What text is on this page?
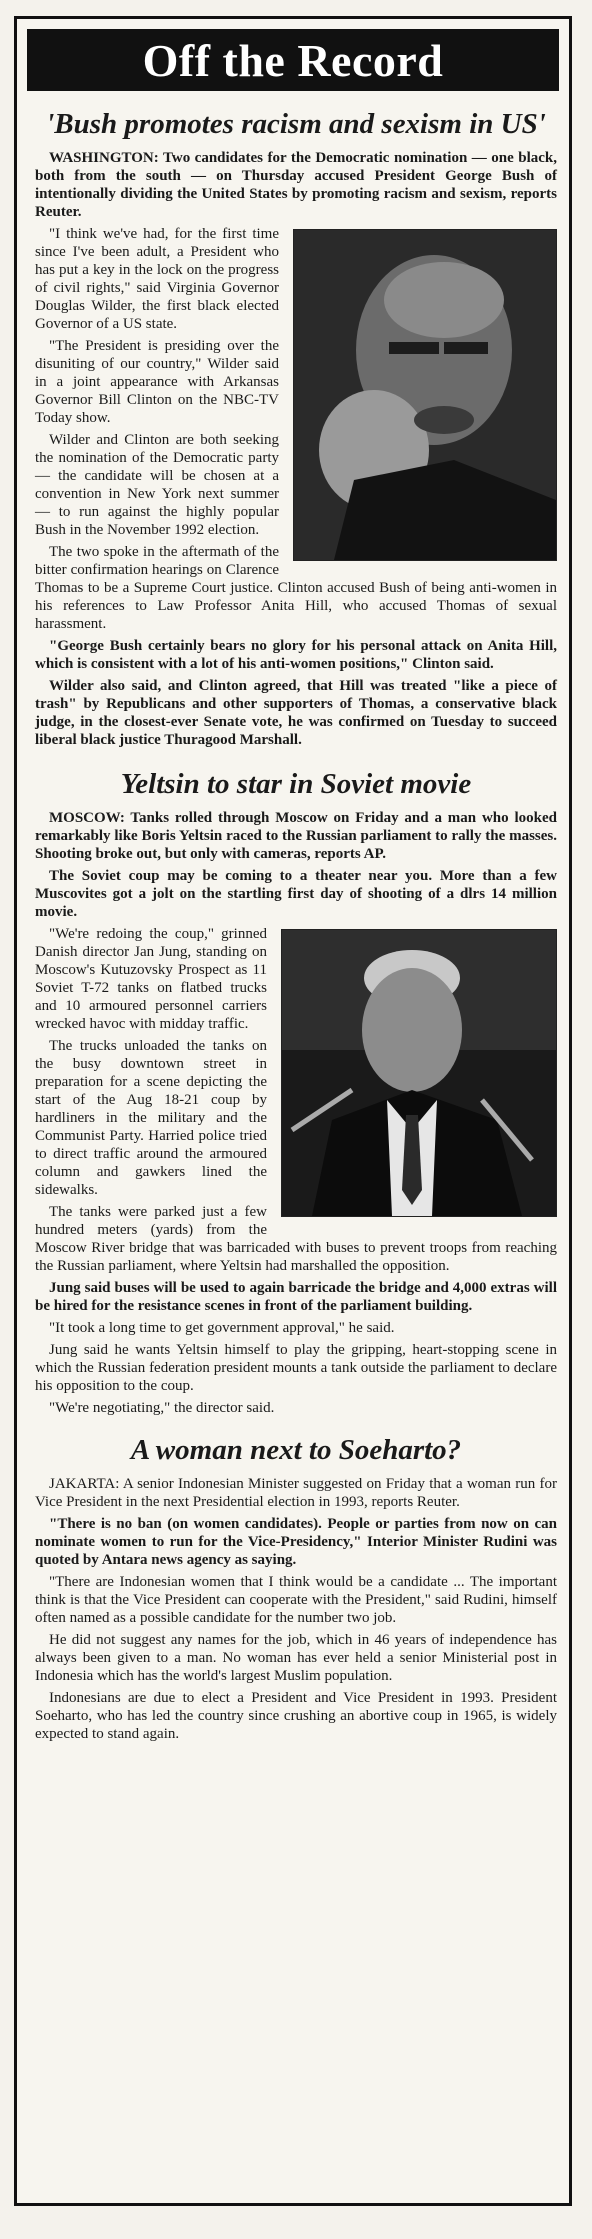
Off the Record
'Bush promotes racism and sexism in US'

WASHINGTON: Two candidates for the Democratic nomination — one black, both from the south — on Thursday accused President George Bush of intentionally dividing the United States by promoting racism and sexism, reports Reuter.

"I think we've had, for the first time since I've been adult, a President who has put a key in the lock on the progress of civil rights," said Virginia Governor Douglas Wilder, the first black elected Governor of a US state.

"The President is presiding over the disuniting of our country," Wilder said in a joint appearance with Arkansas Governor Bill Clinton on the NBC-TV Today show.

Wilder and Clinton are both seeking the nomination of the Democratic party— the candidate will be chosen at a convention in New York next summer — to run against the highly popular Bush in the November 1992 election.

The two spoke in the aftermath of the bitter confirmation hearings on Clarence Thomas to be a Supreme Court justice. Clinton accused Bush of being anti-women in his references to Law Professor Anita Hill, who accused Thomas of sexual harassment.

"George Bush certainly bears no glory for his personal attack on Anita Hill, which is consistent with a lot of his anti-women positions," Clinton said.

Wilder also said, and Clinton agreed, that Hill was treated "like a piece of trash" by Republicans and other supporters of Thomas, a conservative black judge, in the closest-ever Senate vote, he was confirmed on Tuesday to succeed liberal black justice Thuragood Marshall.

Yeltsin to star in Soviet movie

MOSCOW: Tanks rolled through Moscow on Friday and a man who looked remarkably like Boris Yeltsin raced to the Russian parliament to rally the masses. Shooting broke out, but only with cameras, reports AP.

The Soviet coup may be coming to a theater near you. More than a few Muscovites got a jolt on the startling first day of shooting of a dlrs 14 million movie.

"We're redoing the coup," grinned Danish director Jan Jung, standing on Moscow's Kutuzovsky Prospect as 11 Soviet T-72 tanks on flatbed trucks and 10 armoured personnel carriers wrecked havoc with midday traffic.

The trucks unloaded the tanks on the busy downtown street in preparation for a scene depicting the start of the Aug 18-21 coup by hardliners in the military and the Communist Party. Harried police tried to direct traffic around the armoured column and gawkers lined the sidewalks.

The tanks were parked just a few hundred meters (yards) from the Moscow River bridge that was barricaded with buses to prevent troops from reaching the Russian parliament, where Yeltsin had marshalled the opposition.

Jung said buses will be used to again barricade the bridge and 4,000 extras will be hired for the resistance scenes in front of the parliament building.

"It took a long time to get government approval," he said.

Jung said he wants Yeltsin himself to play the gripping, heart-stopping scene in which the Russian federation president mounts a tank outside the parliament to declare his opposition to the coup.

"We're negotiating," the director said.

A woman next to Soeharto?

JAKARTA: A senior Indonesian Minister suggested on Friday that a woman run for Vice President in the next Presidential election in 1993, reports Reuter.

"There is no ban (on women candidates). People or parties from now on can nominate women to run for the Vice-Presidency," Interior Minister Rudini was quoted by Antara news agency as saying.

"There are Indonesian women that I think would be a candidate ... The important think is that the Vice President can cooperate with the President," said Rudini, himself often named as a possible candidate for the number two job.

He did not suggest any names for the job, which in 46 years of independence has always been given to a man. No woman has ever held a senior Ministerial post in Indonesia which has the world's largest Muslim population.

Indonesians are due to elect a President and Vice President in 1993. President Soeharto, who has led the country since crushing an abortive coup in 1965, is widely expected to stand again.
